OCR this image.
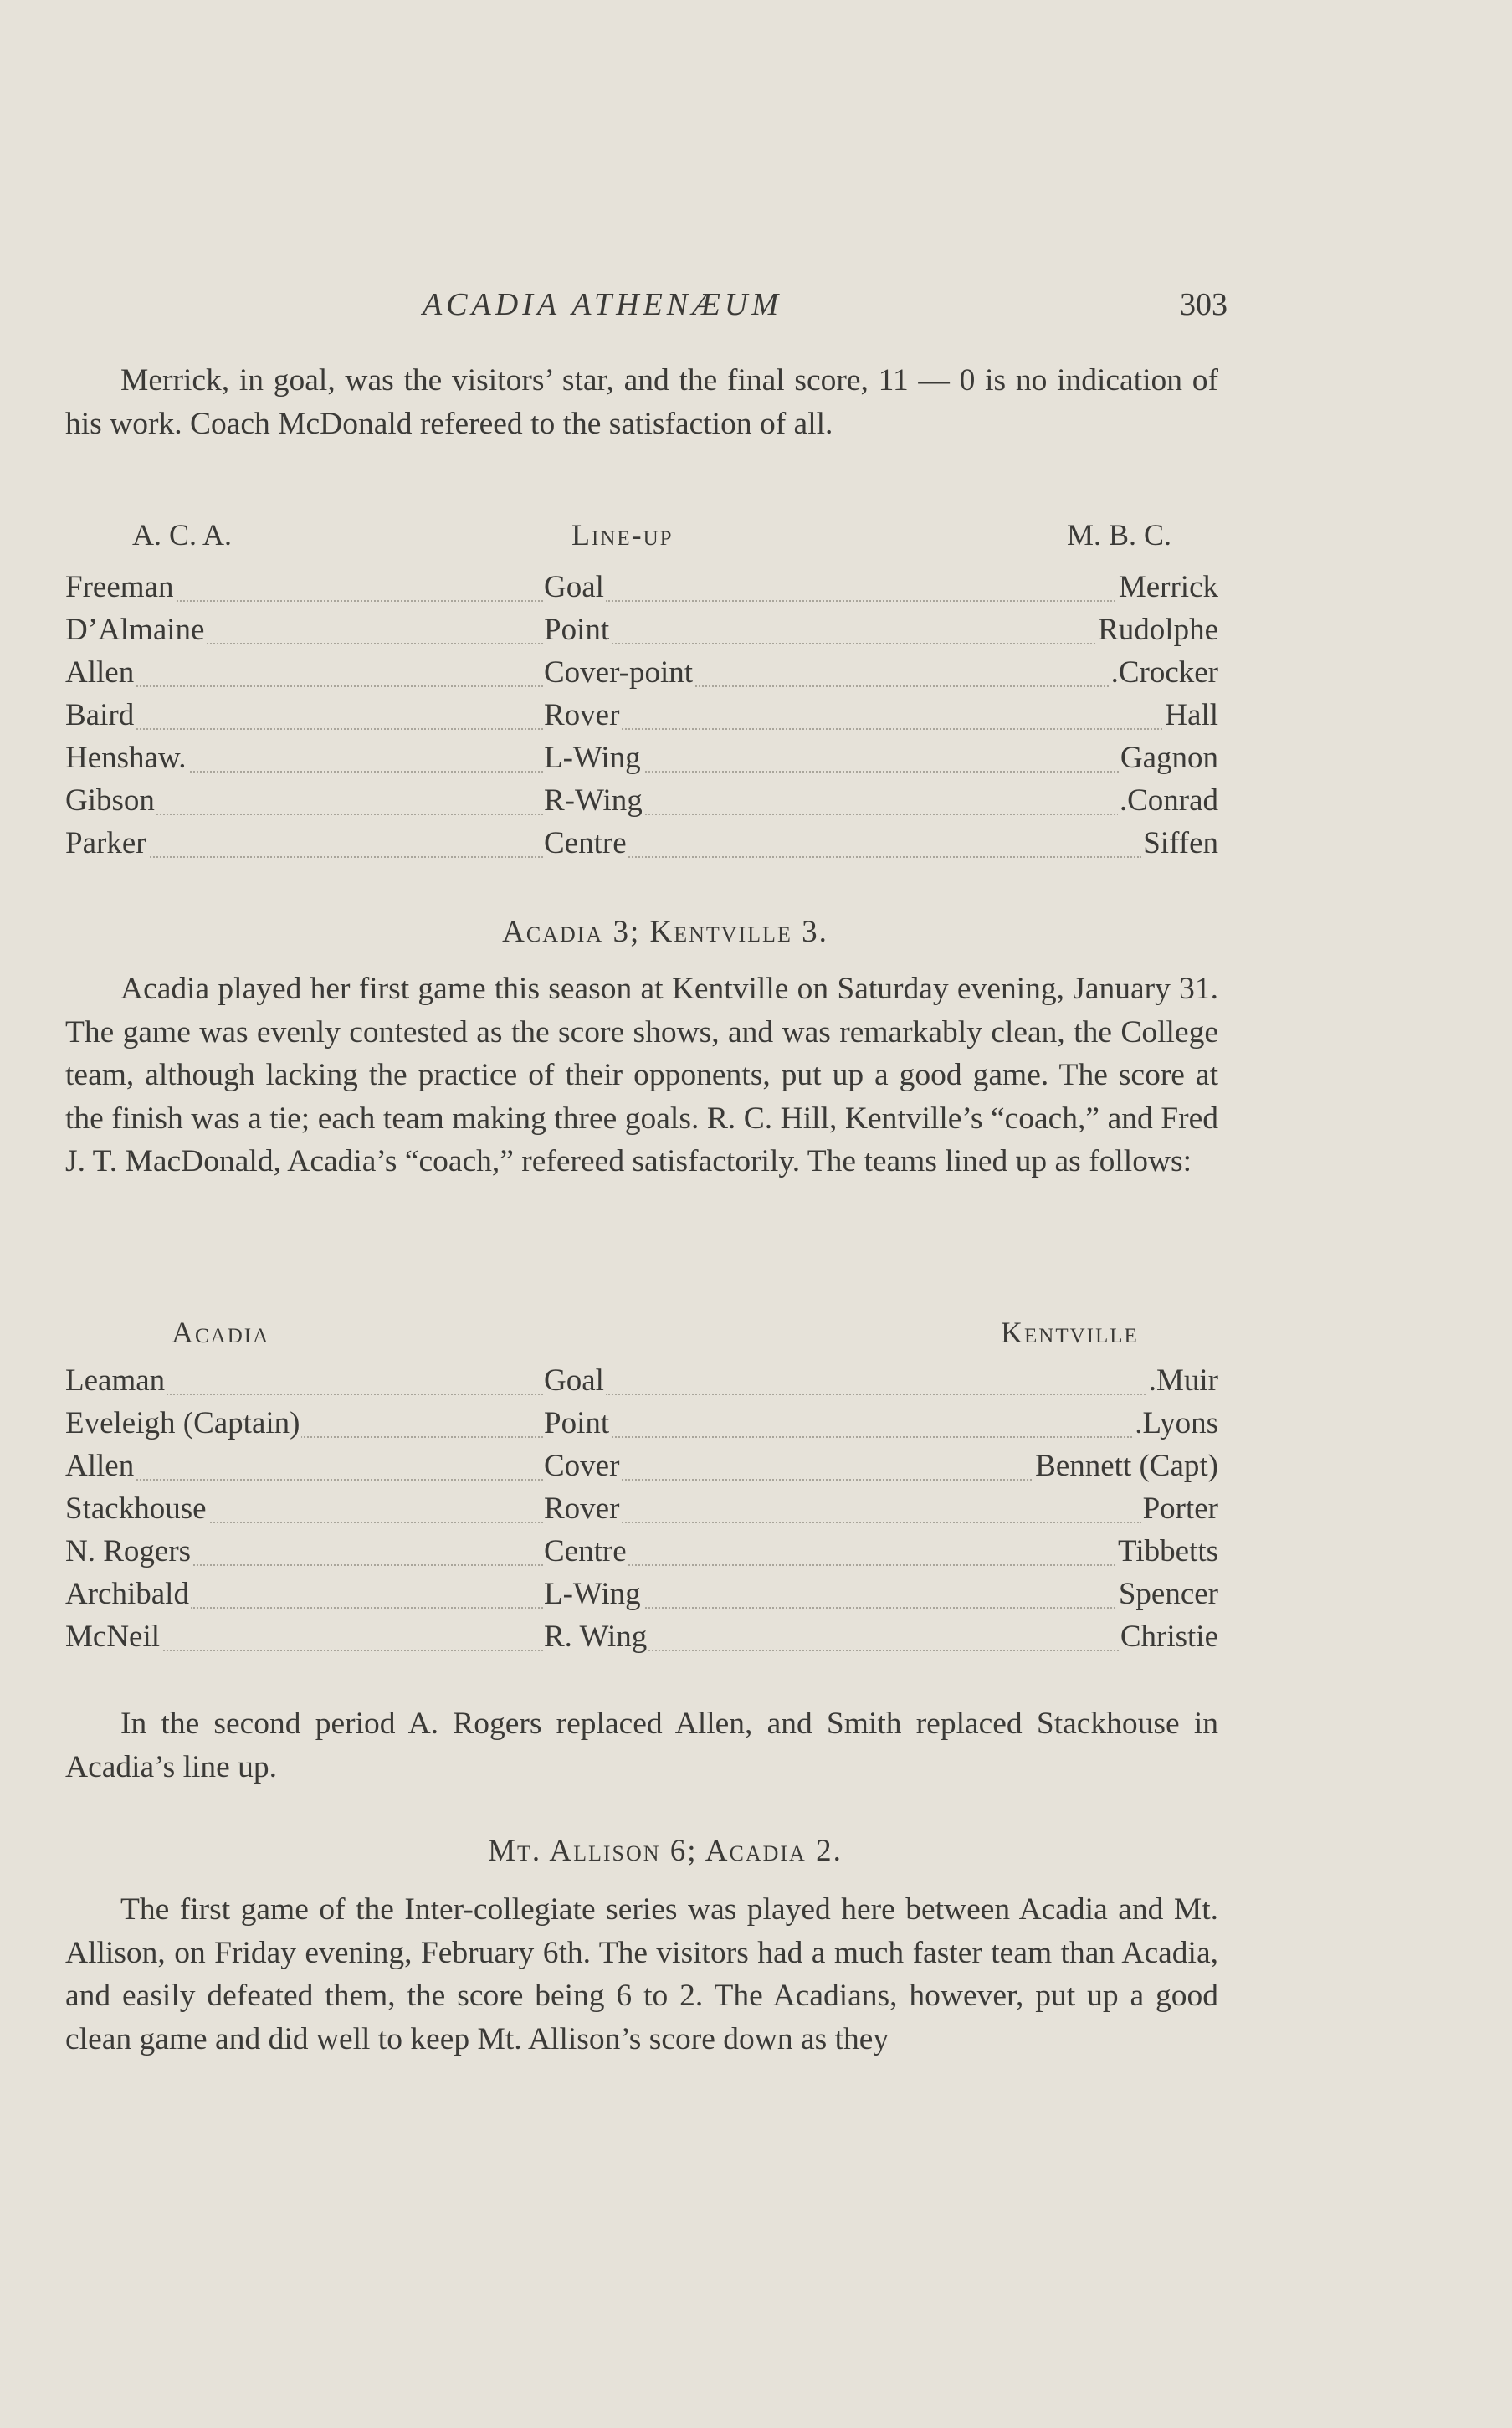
ACADIA ATHENÆUM	303

Merrick, in goal, was the visitors’ star, and the final score, 11 — 0 is no indication of his work. Coach McDonald refereed to the satisfaction of all.

A. C. A.	Line-up	M. B. C.
Freeman	Goal	Merrick
D’Almaine	Point	Rudolphe
Allen	Cover-point	.Crocker
Baird	Rover	Hall
Henshaw.	L-Wing	Gagnon
Gibson	R-Wing	.Conrad
Parker	Centre	Siffen
Acadia 3; Kentville 3.

Acadia played her first game this season at Kentville on Saturday evening, January 31. The game was evenly contested as the score shows, and was remarkably clean, the College team, although lacking the practice of their opponents, put up a good game. The score at the finish was a tie; each team making three goals. R. C. Hill, Kentville’s “coach,” and Fred J. T. MacDonald, Acadia’s “coach,” refereed satisfactorily. The teams lined up as follows:

Acadia	Kentville
Leaman	Goal	.Muir
Eveleigh (Captain)	Point	.Lyons
Allen	Cover	Bennett (Capt)
Stackhouse	Rover	Porter
N. Rogers	Centre	Tibbetts
Archibald	L-Wing	Spencer
McNeil	R. Wing	Christie

In the second period A. Rogers replaced Allen, and Smith replaced Stackhouse in Acadia’s line up.

Mt. Allison 6; Acadia 2.

The first game of the Inter-collegiate series was played here between Acadia and Mt. Allison, on Friday evening, February 6th. The visitors had a much faster team than Acadia, and easily defeated them, the score being 6 to 2. The Acadians, however, put up a good clean game and did well to keep Mt. Allison’s score down as they
